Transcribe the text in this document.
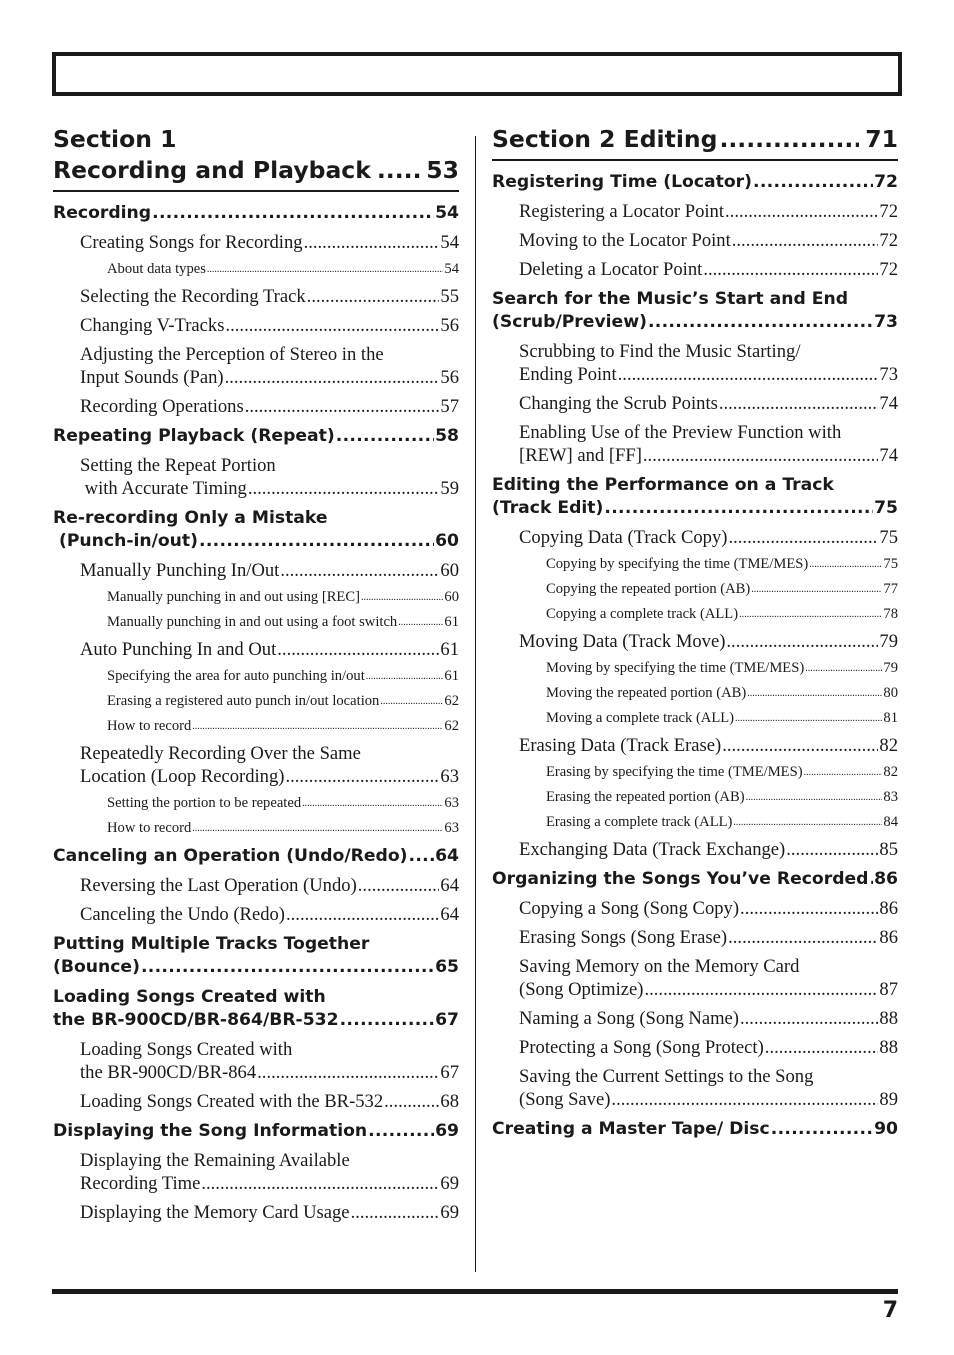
Section 1
Recording and Playback ..... 53
Recording .....	54
Creating Songs for Recording .....	54
About data types .....	54
Selecting the Recording Track .....	55
Changing V-Tracks .....	56
Adjusting the Perception of Stereo in the
Input Sounds (Pan) .....	56
Recording Operations .....	57
Repeating Playback (Repeat) .....	58
Setting the Repeat Portion
with Accurate Timing .....	59
Re-recording Only a Mistake
(Punch-in/out) .....	60
Manually Punching In/Out .....	60
Manually punching in and out using [REC] .....	60
Manually punching in and out using a foot switch .....	61
Auto Punching In and Out .....	61
Specifying the area for auto punching in/out .....	61
Erasing a registered auto punch in/out location .....	62
How to record .....	62
Repeatedly Recording Over the Same
Location (Loop Recording) .....	63
Setting the portion to be repeated .....	63
How to record .....	63
Canceling an Operation (Undo/Redo) ..... 64
Reversing the Last Operation (Undo) .....	64
Canceling the Undo (Redo) .....	64
Putting Multiple Tracks Together
(Bounce) .....	65
Loading Songs Created with
the BR-900CD/BR-864/BR-532 .....	67
Loading Songs Created with
the BR-900CD/BR-864 .....	67
Loading Songs Created with the BR-532 .....	68
Displaying the Song Information .....	69
Displaying the Remaining Available
Recording Time .....	69
Displaying the Memory Card Usage .....	69
Section 2 Editing .....	71
Registering Time (Locator) .....	72
Registering a Locator Point .....	72
Moving to the Locator Point .....	72
Deleting a Locator Point .....	72
Search for the Music’s Start and End
(Scrub/Preview) .....	73
Scrubbing to Find the Music Starting/
Ending Point .....	73
Changing the Scrub Points .....	74
Enabling Use of the Preview Function with
[REW] and [FF] .....	74
Editing the Performance on a Track
(Track Edit) .....	75
Copying Data (Track Copy) .....	75
Copying by specifying the time (TME/MES) .....	75
Copying the repeated portion (AB) .....	77
Copying a complete track (ALL) .....	78
Moving Data (Track Move) .....	79
Moving by specifying the time (TME/MES) .....	79
Moving the repeated portion (AB) .....	80
Moving a complete track (ALL) .....	81
Erasing Data (Track Erase) .....	82
Erasing by specifying the time (TME/MES) .....	82
Erasing the repeated portion (AB) .....	83
Erasing a complete track (ALL) .....	84
Exchanging Data (Track Exchange) .....	85
Organizing the Songs You’ve Recorded ..... 86
Copying a Song (Song Copy) .....	86
Erasing Songs (Song Erase) .....	86
Saving Memory on the Memory Card
(Song Optimize) .....	87
Naming a Song (Song Name) .....	88
Protecting a Song (Song Protect) .....	88
Saving the Current Settings to the Song
(Song Save) .....	89
Creating a Master Tape/ Disc .....	90
7
